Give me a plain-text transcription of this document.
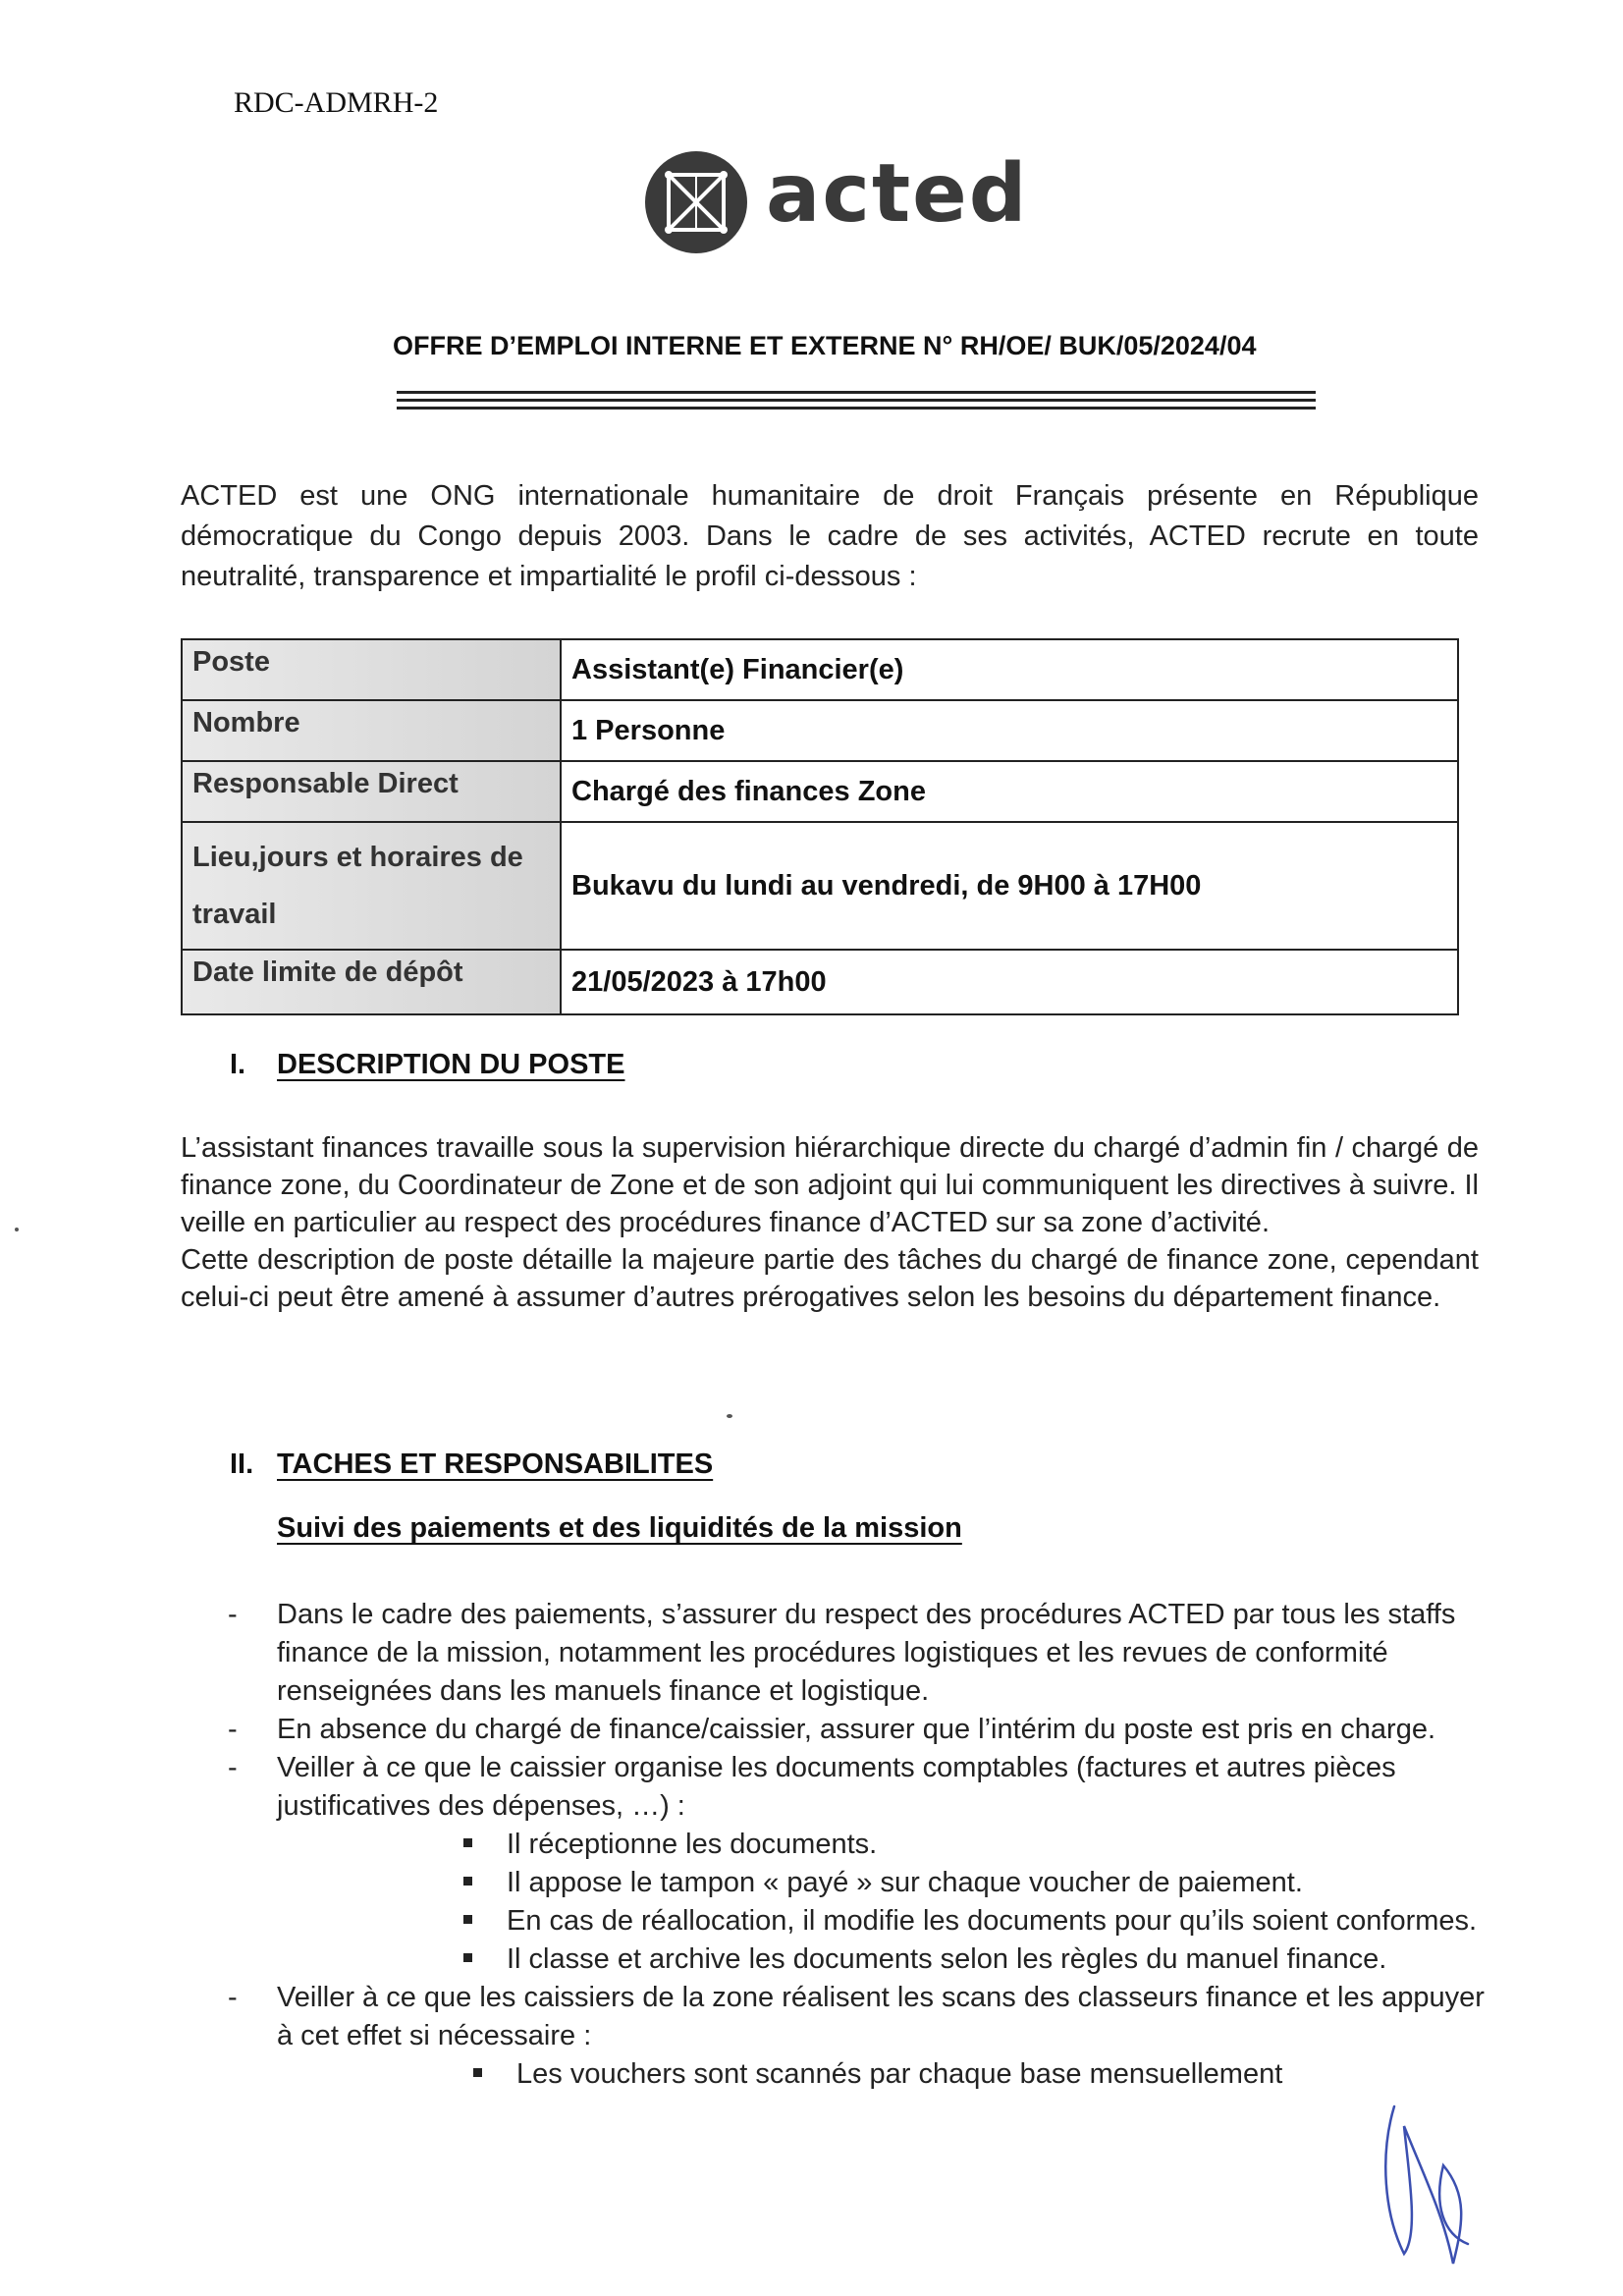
RDC-ADMRH-2
acted
OFFRE D’EMPLOI INTERNE ET EXTERNE N° RH/OE/ BUK/05/2024/04
ACTED est une ONG internationale humanitaire de droit Français présente en République démocratique du Congo depuis 2003. Dans le cadre de ses activités, ACTED recrute en toute neutralité, transparence et impartialité le profil ci-dessous :
Poste	Assistant(e) Financier(e)
Nombre	1 Personne
Responsable Direct	Chargé des finances Zone
Lieu,jours et horaires de travail	Bukavu du lundi au vendredi, de 9H00 à 17H00
Date limite de dépôt	21/05/2023 à 17h00
I. DESCRIPTION DU POSTE

L’assistant finances travaille sous la supervision hiérarchique directe du chargé d’admin fin / chargé de finance zone, du Coordinateur de Zone et de son adjoint qui lui communiquent les directives à suivre. Il veille en particulier au respect des procédures finance d’ACTED sur sa zone d’activité.

Cette description de poste détaille la majeure partie des tâches du chargé de finance zone, cependant celui-ci peut être amené à assumer d’autres prérogatives selon les besoins du département finance.

II. TACHES ET RESPONSABILITES
Suivi des paiements et des liquidités de la mission
- Dans le cadre des paiements, s’assurer du respect des procédures ACTED par tous les staffs finance de la mission, notamment les procédures logistiques et les revues de conformité renseignées dans les manuels finance et logistique.
- En absence du chargé de finance/caissier, assurer que l’intérim du poste est pris en charge.
- Veiller à ce que le caissier organise les documents comptables (factures et autres pièces justificatives des dépenses, …) :
Il réceptionne les documents.
Il appose le tampon « payé » sur chaque voucher de paiement.
En cas de réallocation, il modifie les documents pour qu’ils soient conformes.
Il classe et archive les documents selon les règles du manuel finance.
- Veiller à ce que les caissiers de la zone réalisent les scans des classeurs finance et les appuyer à cet effet si nécessaire :
Les vouchers sont scannés par chaque base mensuellement
